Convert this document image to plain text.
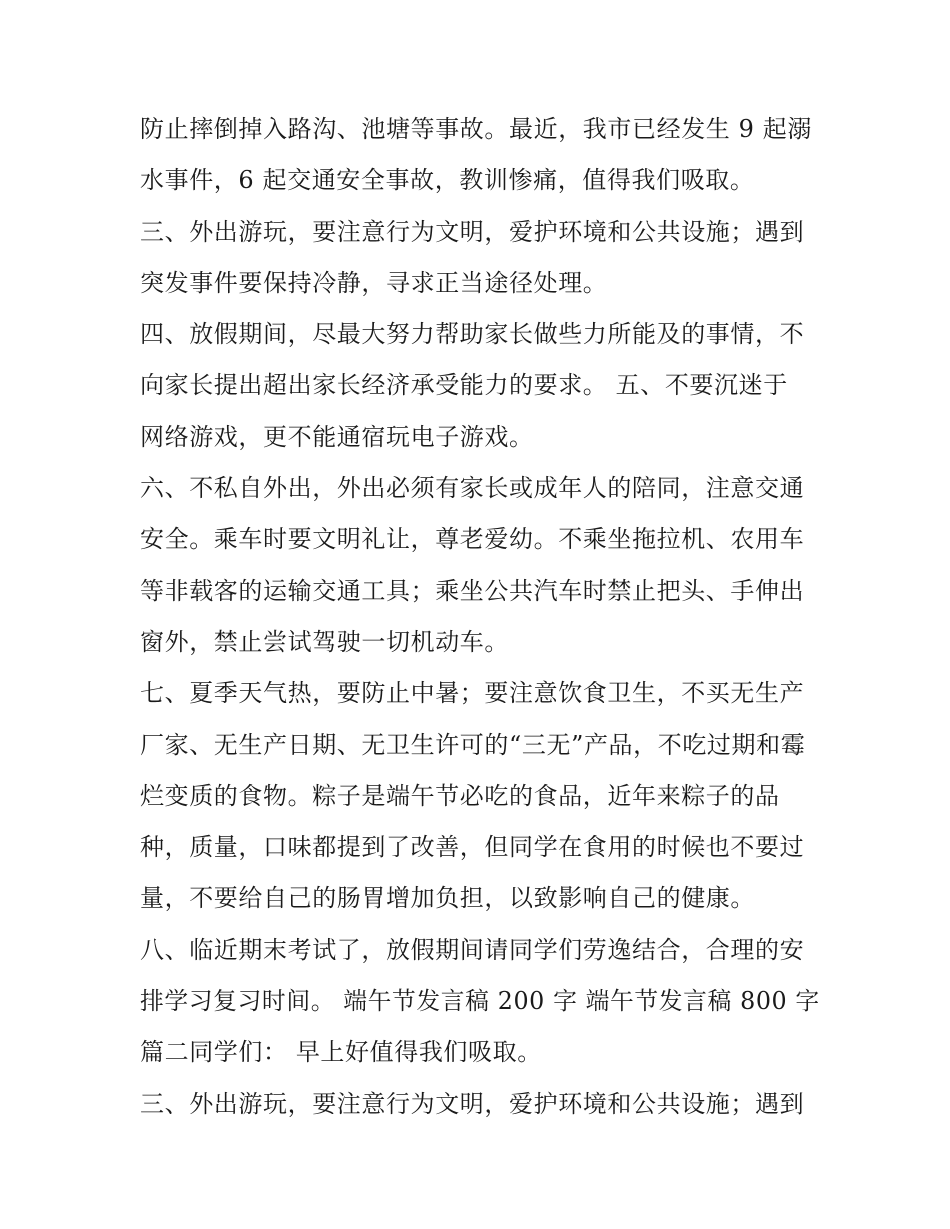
防止摔倒掉入路沟、池塘等事故。最近，我市已经发生 9 起溺
水事件，6 起交通安全事故，教训惨痛，值得我们吸取。
三、外出游玩，要注意行为文明，爱护环境和公共设施；遇到
突发事件要保持冷静，寻求正当途径处理。
四、放假期间，尽最大努力帮助家长做些力所能及的事情，不
向家长提出超出家长经济承受能力的要求。 五、不要沉迷于
网络游戏，更不能通宿玩电子游戏。
六、不私自外出，外出必须有家长或成年人的陪同，注意交通
安全。乘车时要文明礼让，尊老爱幼。不乘坐拖拉机、农用车
等非载客的运输交通工具；乘坐公共汽车时禁止把头、手伸出
窗外，禁止尝试驾驶一切机动车。
七、夏季天气热，要防止中暑；要注意饮食卫生，不买无生产
厂家、无生产日期、无卫生许可的“三无”产品，不吃过期和霉
烂变质的食物。粽子是端午节必吃的食品，近年来粽子的品
种，质量，口味都提到了改善，但同学在食用的时候也不要过
量，不要给自己的肠胃增加负担，以致影响自己的健康。
八、临近期末考试了，放假期间请同学们劳逸结合，合理的安
排学习复习时间。 端午节发言稿 200 字 端午节发言稿 800 字
篇二同学们： 早上好值得我们吸取。
三、外出游玩，要注意行为文明，爱护环境和公共设施；遇到
